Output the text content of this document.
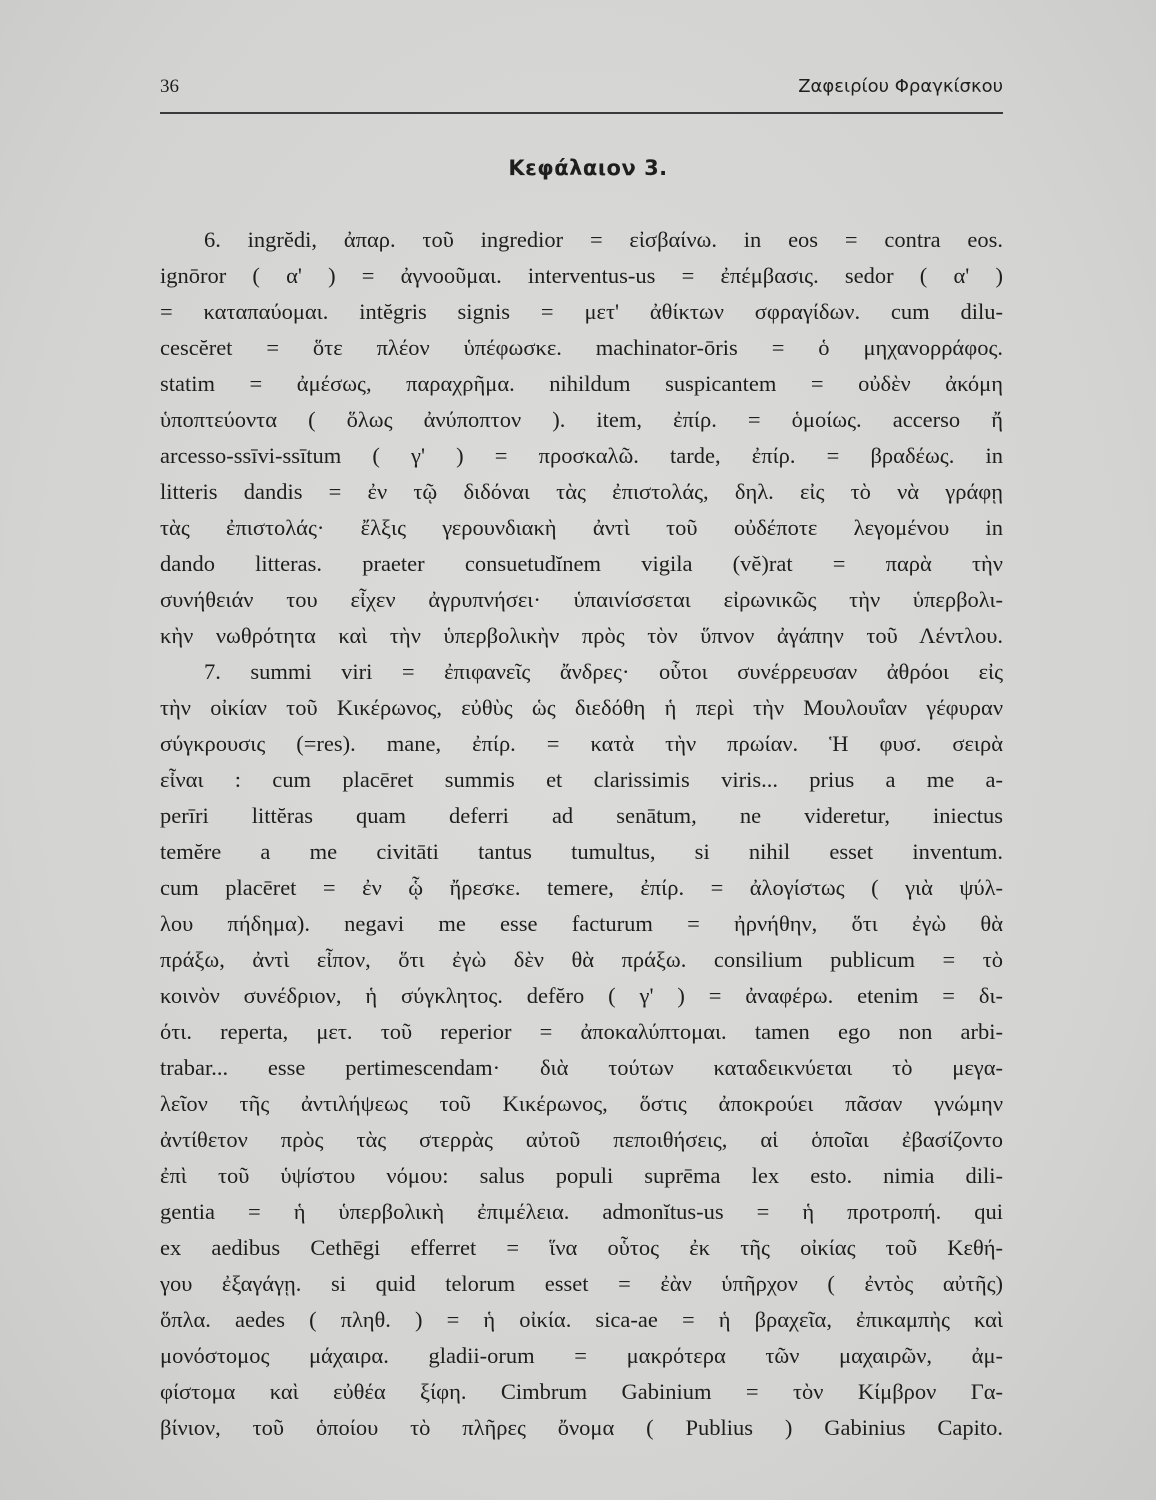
36	Ζαφειρίου Φραγκίσκου
Κεφάλαιον 3.
6. ingrĕdi, ἀπαρ. τοῦ ingredior = εἰσβαίνω. in eos = contra eos.
ignōror ( α' ) = ἀγνοοῦμαι. interventus-us = ἐπέμβασις. sedor ( α' )
= καταπαύομαι. intĕgris signis = μετ' ἀθίκτων σφραγίδων. cum dilu-
cescĕret = ὅτε πλέον ὑπέφωσκε. machinator-ōris = ὁ μηχανορράφος.
statim = ἀμέσως, παραχρῆμα. nihildum suspicantem = οὐδὲν ἀκόμη
ὑποπτεύοντα ( ὅλως ἀνύποπτον ). item, ἐπίρ. = ὁμοίως. accerso ἤ
arcesso-ssīvi-ssītum ( γ' ) = προσκαλῶ. tarde, ἐπίρ. = βραδέως. in
litteris dandis = ἐν τῷ διδόναι τὰς ἐπιστολάς, δηλ. εἰς τὸ νὰ γράφῃ
τὰς ἐπιστολάς· ἔλξις γερουνδιακὴ ἀντὶ τοῦ οὐδέποτε λεγομένου in
dando litteras. praeter consuetudĭnem vigila (vĕ)rat = παρὰ τὴν
συνήθειάν του εἶχεν ἀγρυπνήσει· ὑπαινίσσεται εἰρωνικῶς τὴν ὑπερβολι-
κὴν νωθρότητα καὶ τὴν ὑπερβολικὴν πρὸς τὸν ὕπνον ἀγάπην τοῦ Λέντλου.
7. summi viri = ἐπιφανεῖς ἄνδρες· οὗτοι συνέρρευσαν ἀθρόοι εἰς
τὴν οἰκίαν τοῦ Κικέρωνος, εὐθὺς ὡς διεδόθη ἡ περὶ τὴν Μουλουΐαν γέφυραν
σύγκρουσις (=res). mane, ἐπίρ. = κατὰ τὴν πρωίαν. Ἡ φυσ. σειρὰ
εἶναι : cum placēret summis et clarissimis viris... prius a me a-
perīri littĕras quam deferri ad senātum, ne videretur, iniectus
temĕre a me civitāti tantus tumultus, si nihil esset inventum.
cum placēret = ἐν ᾧ ἤρεσκε. temere, ἐπίρ. = ἀλογίστως ( γιὰ ψύλ-
λου πήδημα). negavi me esse facturum = ἠρνήθην, ὅτι ἐγὼ θὰ
πράξω, ἀντὶ εἶπον, ὅτι ἐγὼ δὲν θὰ πράξω. consilium publicum = τὸ
κοινὸν συνέδριον, ἡ σύγκλητος. defĕro ( γ' ) = ἀναφέρω. etenim = δι-
ότι. reperta, μετ. τοῦ reperior = ἀποκαλύπτομαι. tamen ego non arbi-
trabar... esse pertimescendam· διὰ τούτων καταδεικνύεται τὸ μεγα-
λεῖον τῆς ἀντιλήψεως τοῦ Κικέρωνος, ὅστις ἀποκρούει πᾶσαν γνώμην
ἀντίθετον πρὸς τὰς στερρὰς αὐτοῦ πεποιθήσεις, αἱ ὁποῖαι ἐβασίζοντο
ἐπὶ τοῦ ὑψίστου νόμου: salus populi suprēma lex esto. nimia dili-
gentia = ἡ ὑπερβολικὴ ἐπιμέλεια. admonĭtus-us = ἡ προτροπή. qui
ex aedibus Cethēgi efferret = ἵνα οὗτος ἐκ τῆς οἰκίας τοῦ Κεθή-
γου ἐξαγάγῃ. si quid telorum esset = ἐὰν ὑπῆρχον ( ἐντὸς αὐτῆς)
ὅπλα. aedes ( πληθ. ) = ἡ οἰκία. sica-ae = ἡ βραχεῖα, ἐπικαμπὴς καὶ
μονόστομος μάχαιρα. gladii-orum = μακρότερα τῶν μαχαιρῶν, ἀμ-
φίστομα καὶ εὐθέα ξίφη. Cimbrum Gabinium = τὸν Κίμβρον Γα-
βίνιον, τοῦ ὁποίου τὸ πλῆρες ὄνομα ( Publius ) Gabinius Capito.
